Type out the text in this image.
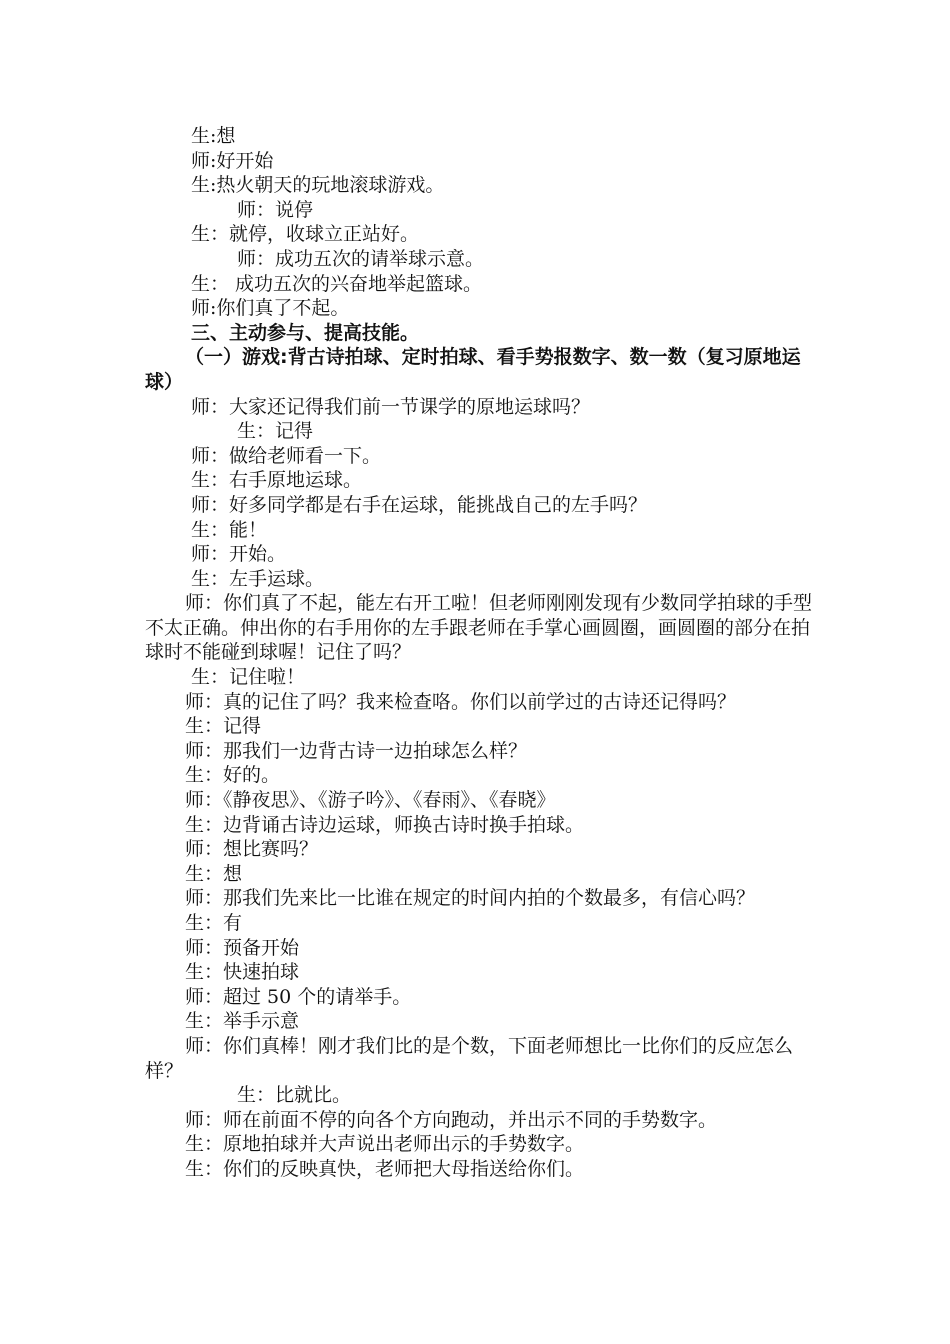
生:想
师:好开始
生:热火朝天的玩地滚球游戏。
师：说停
生：就停，收球立正站好。
师：成功五次的请举球示意。
生： 成功五次的兴奋地举起篮球。
师:你们真了不起。
三、主动参与、提高技能。
（一）游戏:背古诗拍球、定时拍球、看手势报数字、数一数（复习原地运球）
师：大家还记得我们前一节课学的原地运球吗？
生：记得
师：做给老师看一下。
生：右手原地运球。
师：好多同学都是右手在运球，能挑战自己的左手吗？
生：能！
师：开始。
生：左手运球。
师：你们真了不起，能左右开工啦！但老师刚刚发现有少数同学拍球的手型不太正确。伸出你的右手用你的左手跟老师在手掌心画圆圈，画圆圈的部分在拍球时不能碰到球喔！记住了吗？
生：记住啦！
师：真的记住了吗？我来检查咯。你们以前学过的古诗还记得吗？
生：记得
师：那我们一边背古诗一边拍球怎么样？
生：好的。
师：《静夜思》、《游子吟》、《春雨》、《春晓》
生：边背诵古诗边运球，师换古诗时换手拍球。
师：想比赛吗？
生：想
师：那我们先来比一比谁在规定的时间内拍的个数最多，有信心吗？
生：有
师：预备开始
生：快速拍球
师：超过 50 个的请举手。
生：举手示意
师：你们真棒！刚才我们比的是个数，下面老师想比一比你们的反应怎么样？
生：比就比。
师：师在前面不停的向各个方向跑动，并出示不同的手势数字。
生：原地拍球并大声说出老师出示的手势数字。
生：你们的反映真快，老师把大母指送给你们。
